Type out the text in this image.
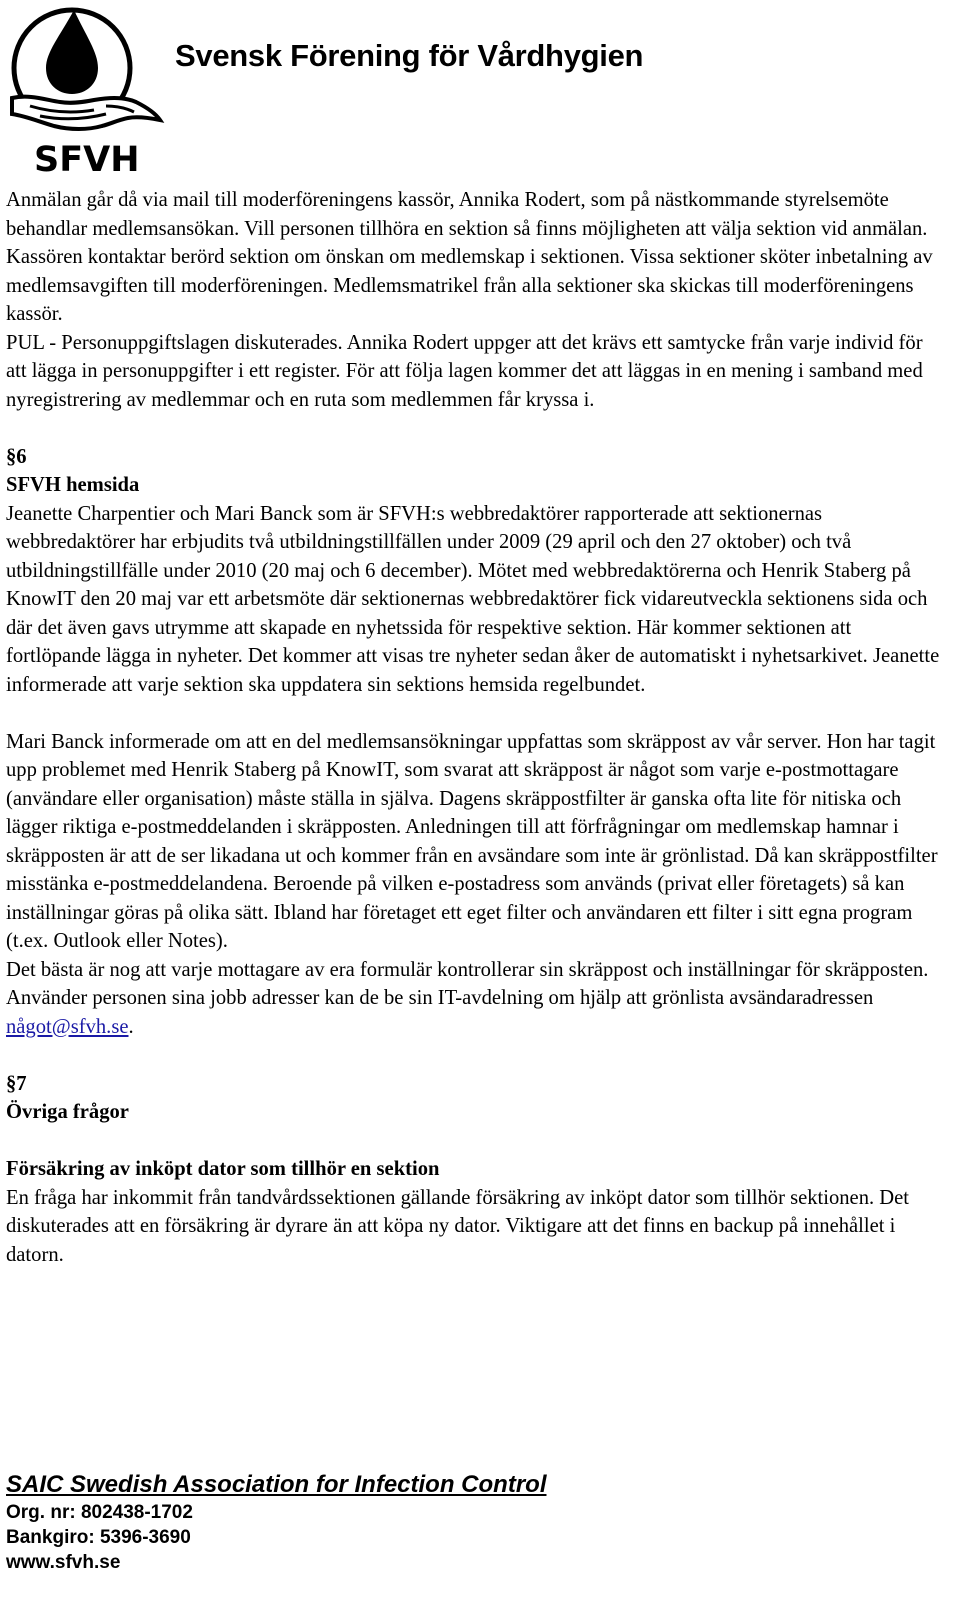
Svensk Förening för Vårdhygien
SFVH

Anmälan går då via mail till moderföreningens kassör, Annika Rodert, som på nästkommande styrelsemöte behandlar medlemsansökan. Vill personen tillhöra en sektion så finns möjligheten att välja sektion vid anmälan. Kassören kontaktar berörd sektion om önskan om medlemskap i sektionen. Vissa sektioner sköter inbetalning av medlemsavgiften till moderföreningen. Medlemsmatrikel från alla sektioner ska skickas till moderföreningens kassör.

PUL - Personuppgiftslagen diskuterades. Annika Rodert uppger att det krävs ett samtycke från varje individ för att lägga in personuppgifter i ett register. För att följa lagen kommer det att läggas in en mening i samband med nyregistrering av medlemmar och en ruta som medlemmen får kryssa i.

§6

SFVH hemsida

Jeanette Charpentier och Mari Banck som är SFVH:s webbredaktörer rapporterade att sektionernas webbredaktörer har erbjudits två utbildningstillfällen under 2009 (29 april och den 27 oktober) och två utbildningstillfälle under 2010 (20 maj och 6 december). Mötet med webbredaktörerna och Henrik Staberg på KnowIT den 20 maj var ett arbetsmöte där sektionernas webbredaktörer fick vidareutveckla sektionens sida och där det även gavs utrymme att skapade en nyhetssida för respektive sektion. Här kommer sektionen att fortlöpande lägga in nyheter. Det kommer att visas tre nyheter sedan åker de automatiskt i nyhetsarkivet. Jeanette informerade att varje sektion ska uppdatera sin sektions hemsida regelbundet.

Mari Banck informerade om att en del medlemsansökningar uppfattas som skräppost av vår server. Hon har tagit upp problemet med Henrik Staberg på KnowIT, som svarat att skräppost är något som varje e-postmottagare (användare eller organisation) måste ställa in själva. Dagens skräppostfilter är ganska ofta lite för nitiska och lägger riktiga e-postmeddelanden i skräpposten. Anledningen till att förfrågningar om medlemskap hamnar i skräpposten är att de ser likadana ut och kommer från en avsändare som inte är grönlistad. Då kan skräppostfilter misstänka e-postmeddelandena. Beroende på vilken e-postadress som används (privat eller företagets) så kan inställningar göras på olika sätt. Ibland har företaget ett eget filter och användaren ett filter i sitt egna program (t.ex. Outlook eller Notes).

Det bästa är nog att varje mottagare av era formulär kontrollerar sin skräppost och inställningar för skräpposten. Använder personen sina jobb adresser kan de be sin IT-avdelning om hjälp att grönlista avsändaradressen något@sfvh.se.

§7

Övriga frågor

Försäkring av inköpt dator som tillhör en sektion

En fråga har inkommit från tandvårdssektionen gällande försäkring av inköpt dator som tillhör sektionen. Det diskuterades att en försäkring är dyrare än att köpa ny dator. Viktigare att det finns en backup på innehållet i datorn.

SAIC Swedish Association for Infection Control
Org. nr: 802438-1702
Bankgiro: 5396-3690
www.sfvh.se
